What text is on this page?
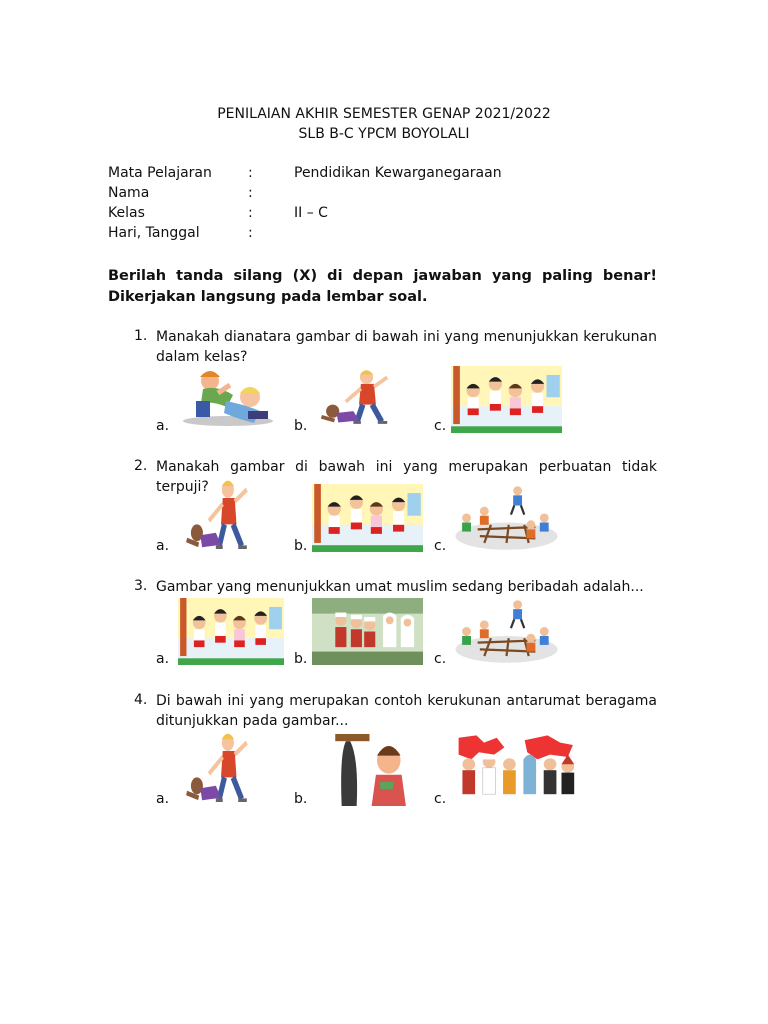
PENILAIAN AKHIR SEMESTER GENAP 2021/2022
SLB B-C YPCM BOYOLALI
Mata Pelajaran	:	Pendidikan Kewarganegaraan
Nama	:
Kelas	:	II – C
Hari, Tanggal	:
Berilah tanda silang (X) di depan jawaban yang paling benar!
Dikerjakan langsung pada lembar soal.
1. Manakah dianatara gambar di bawah ini yang menunjukkan kerukunan dalam kelas?
a.	b.	c.
2. Manakah gambar di bawah ini yang merupakan perbuatan tidak terpuji?
a.	b.	c.
3. Gambar yang menunjukkan umat muslim sedang beribadah adalah...
a.	b.	c.
4. Di bawah ini yang merupakan contoh kerukunan antarumat beragama ditunjukkan pada gambar...
a.	b.	c.
